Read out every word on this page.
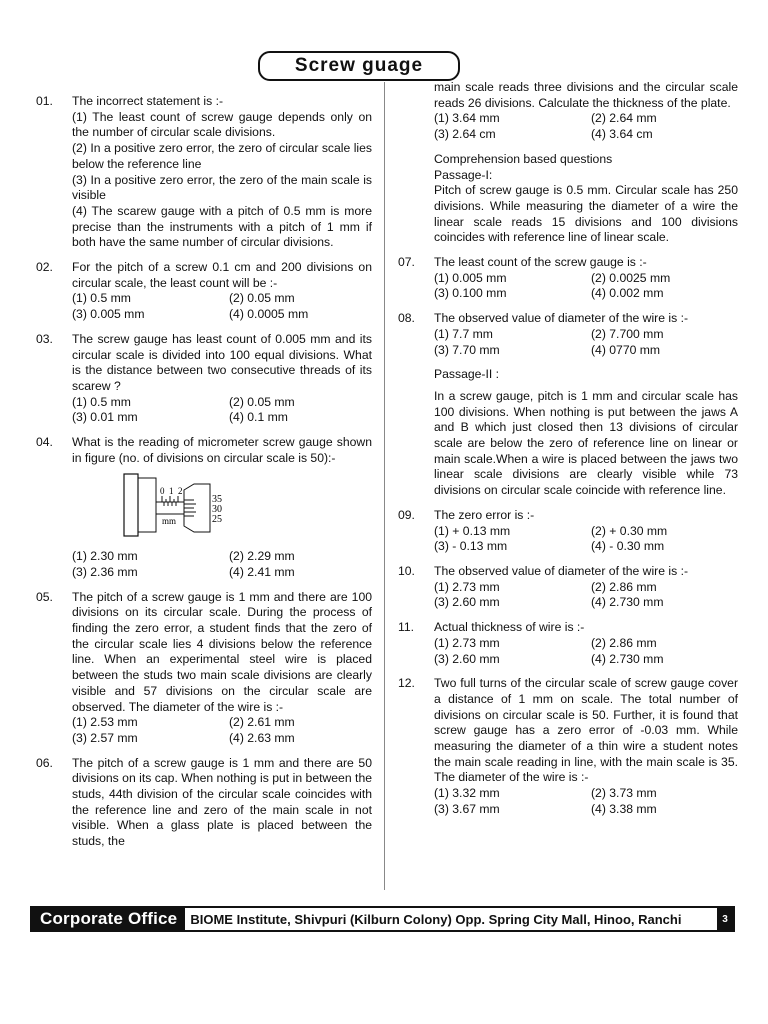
Screw guage
01.	The incorrect statement is :-

(1) The least count of screw gauge depends only on the number of circular scale divisions.

(2) In a positive zero error, the zero of circular scale lies below the reference line

(3) In a positive zero error, the zero of the main scale is visible

(4) The scarew gauge with a pitch of 0.5 mm is more precise than the instruments with a pitch of 1 mm if both have the same number of circular divisions.

02.	For the pitch of a screw 0.1 cm and 200 divisions on circular scale, the least count will be :-

(1) 0.5 mm	(2) 0.05 mm
(3) 0.005 mm	(4) 0.0005 mm
03.	The screw gauge has least count of 0.005 mm and its circular scale is divided into 100 equal divisions. What is the distance between two consecutive threads of its scarew ?

(1) 0.5 mm	(2) 0.05 mm
(3) 0.01 mm	(4) 0.1 mm
04.	What is the reading of micrometer screw gauge shown in figure (no. of divisions on circular scale is 50):-

0 1 2
mm
35
30
25
(1) 2.30 mm	(2) 2.29 mm
(3) 2.36 mm	(4) 2.41 mm
05.	The pitch of a screw gauge is 1 mm and there are 100 divisions on its circular scale. During the process of finding the zero error, a student finds that the zero of the circular scale lies 4 divisions below the reference line. When an experimental steel wire is placed between the studs two main scale divisions are clearly visible and 57 divisions on the circular scale are observed. The diameter of the wire is :-

(1) 2.53 mm	(2) 2.61 mm
(3) 2.57 mm	(4) 2.63 mm
06.	The pitch of a screw gauge is 1 mm and there are 50 divisions on its cap. When nothing is put in between the studs, 44th division of the circular scale coincides with the reference line and zero of the main scale in not visible. When a glass plate is placed between the studs, the

main scale reads three divisions and the circular scale reads 26 divisions. Calculate the thickness of the plate.

(1) 3.64 mm	(2) 2.64 mm
(3) 2.64 cm	(4) 3.64 cm

Comprehension based questions

Passage-I:

Pitch of screw gauge is 0.5 mm. Circular scale has 250 divisions. While measuring the diameter of a wire the linear scale reads 15 divisions and 100 divisions coincides with reference line of linear scale.

07.	The least count of the screw gauge is :-

(1) 0.005 mm	(2) 0.0025 mm
(3) 0.100 mm	(4) 0.002 mm
08.	The observed value of diameter of the wire is :-

(1) 7.7 mm	(2) 7.700 mm
(3) 7.70 mm	(4) 0770 mm

Passage-II :

In a screw gauge, pitch is 1 mm and circular scale has 100 divisions. When nothing is put between the jaws A and B which just closed then 13 divisions of circular scale are below the zero of reference line on linear or main scale.When a wire is placed between the jaws two linear scale divisions are clearly visible while 73 divisions on circular scale coincide with reference line.

09.	The zero error is :-

(1) + 0.13 mm	(2) + 0.30 mm
(3) - 0.13 mm	(4) - 0.30 mm
10.	The observed value of diameter of the wire is :-

(1) 2.73 mm	(2) 2.86 mm
(3) 2.60 mm	(4) 2.730 mm
11.	Actual thickness of wire is :-

(1) 2.73 mm	(2) 2.86 mm
(3) 2.60 mm	(4) 2.730 mm
12.	Two full turns of the circular scale of screw gauge cover a distance of 1 mm on scale. The total number of divisions on circular scale is 50. Further, it is found that screw gauge has a zero error of -0.03 mm. While measuring the diameter of a thin wire a student notes the main scale reading in line, with the main scale is 35. The diameter of the wire is :-

(1) 3.32 mm	(2) 3.73 mm
(3) 3.67 mm	(4) 3.38 mm
Corporate Office	BIOME Institute, Shivpuri (Kilburn Colony) Opp. Spring City Mall, Hinoo, Ranchi	3
